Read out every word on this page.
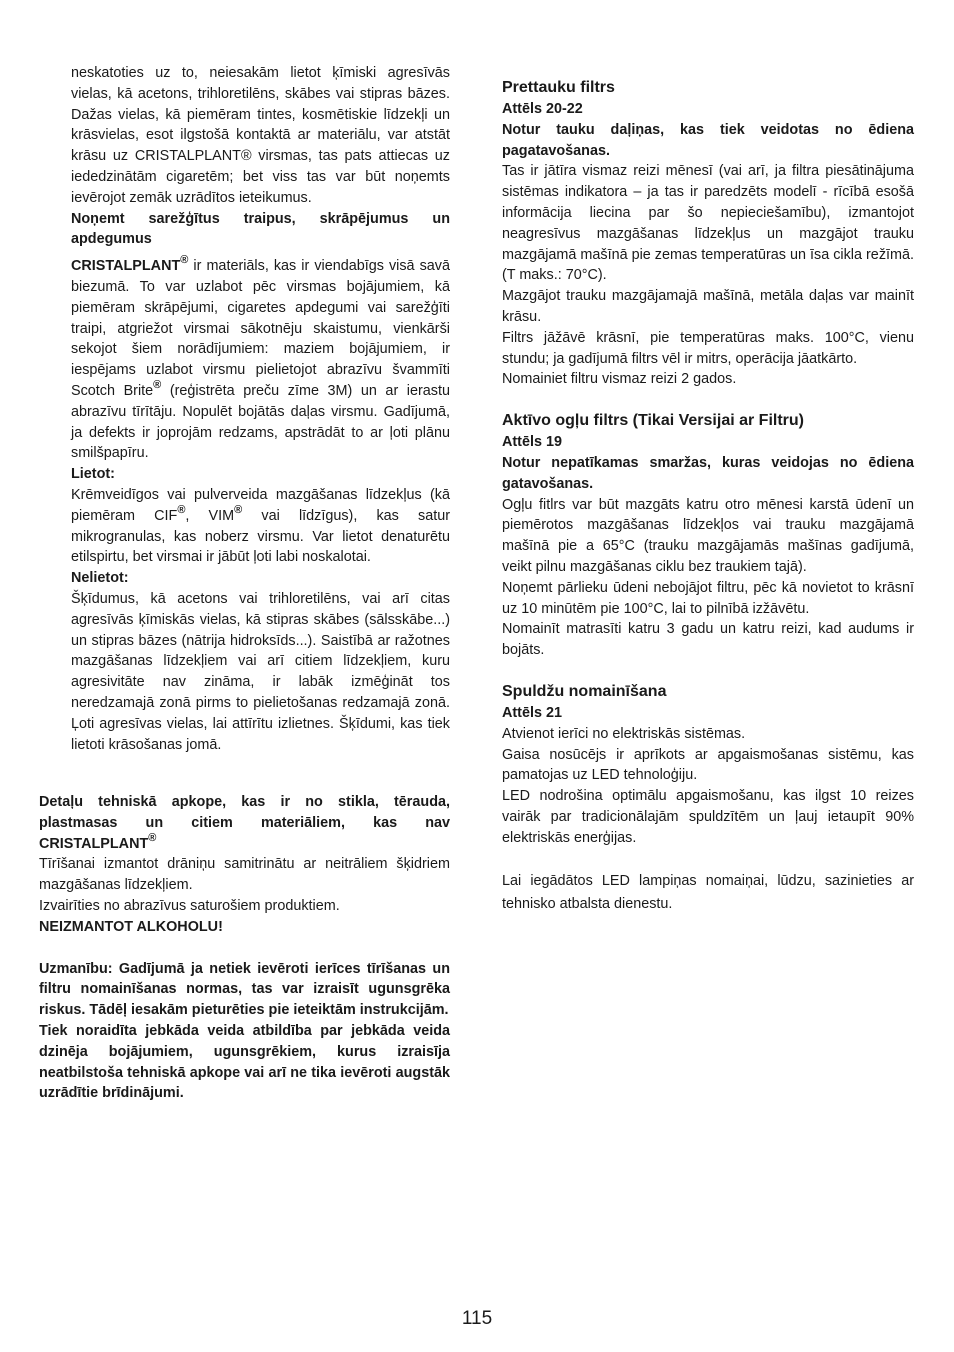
neskatoties uz to, neiesakām lietot ķīmiski agresīvās vielas, kā acetons, trihloretilēns, skābes vai stipras bāzes. Dažas vielas, kā piemēram tintes, kosmētiskie līdzekļi un krāsvielas, esot ilgstošā kontaktā ar materiālu, var atstāt krāsu uz CRISTALPLANT® virsmas, tas pats attiecas uz iededzinātām cigaretēm; bet viss tas var būt noņemts ievērojot zemāk uzrādītos ieteikumus.

Noņemt sarežģītus traipus, skrāpējumus un apdegumus

CRISTALPLANT® ir materiāls, kas ir viendabīgs visā savā biezumā. To var uzlabot pēc virsmas bojājumiem, kā piemēram skrāpējumi, cigaretes apdegumi vai sarežģīti traipi, atgriežot virsmai sākotnēju skaistumu, vienkārši sekojot šiem norādījumiem: maziem bojājumiem, ir iespējams uzlabot virsmu pielietojot abrazīvu švammīti Scotch Brite® (reģistrēta preču zīme 3M) un ar ierastu abrazīvu tīrītāju. Nopulēt bojātās daļas virsmu. Gadījumā, ja defekts ir joprojām redzams, apstrādāt to ar ļoti plānu smilšpapīru.

Lietot:

Krēmveidīgos vai pulverveida mazgāšanas līdzekļus (kā piemēram CIF®, VIM® vai līdzīgus), kas satur mikrogranulas, kas noberz virsmu. Var lietot denaturētu etilspirtu, bet virsmai ir jābūt ļoti labi noskalotai.

Nelietot:

Šķīdumus, kā acetons vai trihloretilēns, vai arī citas agresīvās ķīmiskās vielas, kā stipras skābes (sālsskābe...) un stipras bāzes (nātrija hidroksīds...). Saistībā ar ražotnes mazgāšanas līdzekļiem vai arī citiem līdzekļiem, kuru agresivitāte nav zināma, ir labāk izmēģināt tos neredzamajā zonā pirms to pielietošanas redzamajā zonā. Ļoti agresīvas vielas, lai attīrītu izlietnes. Šķīdumi, kas tiek lietoti krāsošanas jomā.

Detaļu tehniskā apkope, kas ir no stikla, tērauda, plastmasas un citiem materiāliem, kas nav CRISTALPLANT®

Tīrīšanai izmantot drāniņu samitrinātu ar neitrāliem šķidriem mazgāšanas līdzekļiem.

Izvairīties no abrazīvus saturošiem produktiem.

NEIZMANTOT ALKOHOLU!

Uzmanību: Gadījumā ja netiek ievēroti ierīces tīrīšanas un filtru nomainīšanas normas, tas var izraisīt ugunsgrēka riskus. Tādēļ iesakām pieturēties pie ieteiktām instrukcijām.

Tiek noraidīta jebkāda veida atbildība par jebkāda veida dzinēja bojājumiem, ugunsgrēkiem, kurus izraisīja neatbilstoša tehniskā apkope vai arī ne tika ievēroti augstāk uzrādītie brīdinājumi.

Prettauku filtrs

Attēls 20-22

Notur tauku daļiņas, kas tiek veidotas no ēdiena pagatavošanas.

Tas ir jātīra vismaz reizi mēnesī (vai arī, ja filtra piesātinājuma sistēmas indikatora – ja tas ir paredzēts modelī - rīcībā esošā informācija liecina par šo nepieciešamību), izmantojot neagresīvus mazgāšanas līdzekļus un mazgājot trauku mazgājamā mašīnā pie zemas temperatūras un īsa cikla režīmā. (T maks.: 70°C).

Mazgājot trauku mazgājamajā mašīnā, metāla daļas var mainīt krāsu.

Filtrs jāžāvē krāsnī, pie temperatūras maks. 100°C, vienu stundu; ja gadījumā filtrs vēl ir mitrs, operācija jāatkārto.

Nomainiet filtru vismaz reizi 2 gados.

Aktīvo ogļu filtrs (Tikai Versijai ar Filtru)

Attēls 19

Notur nepatīkamas smaržas, kuras veidojas no ēdiena gatavošanas.

Ogļu fitlrs var būt mazgāts katru otro mēnesi karstā ūdenī un piemērotos mazgāšanas līdzekļos vai trauku mazgājamā mašīnā pie a 65°C (trauku mazgājamās mašīnas gadījumā, veikt pilnu mazgāšanas ciklu bez traukiem tajā).

Noņemt pārlieku ūdeni nebojājot filtru, pēc kā novietot to krāsnī uz 10 minūtēm pie 100°C, lai to pilnībā izžāvētu.

Nomainīt matrasīti katru 3 gadu un katru reizi, kad audums ir bojāts.

Spuldžu nomainīšana

Attēls 21

Atvienot ierīci no elektriskās sistēmas.

Gaisa nosūcējs ir aprīkots ar apgaismošanas sistēmu, kas pamatojas uz LED tehnoloģiju.

LED nodrošina optimālu apgaismošanu, kas ilgst 10 reizes vairāk par tradicionālajām spuldzītēm un ļauj ietaupīt 90% elektriskās enerģijas.

Lai iegādātos LED lampiņas nomaiņai, lūdzu, sazinieties ar tehnisko atbalsta dienestu.

115
